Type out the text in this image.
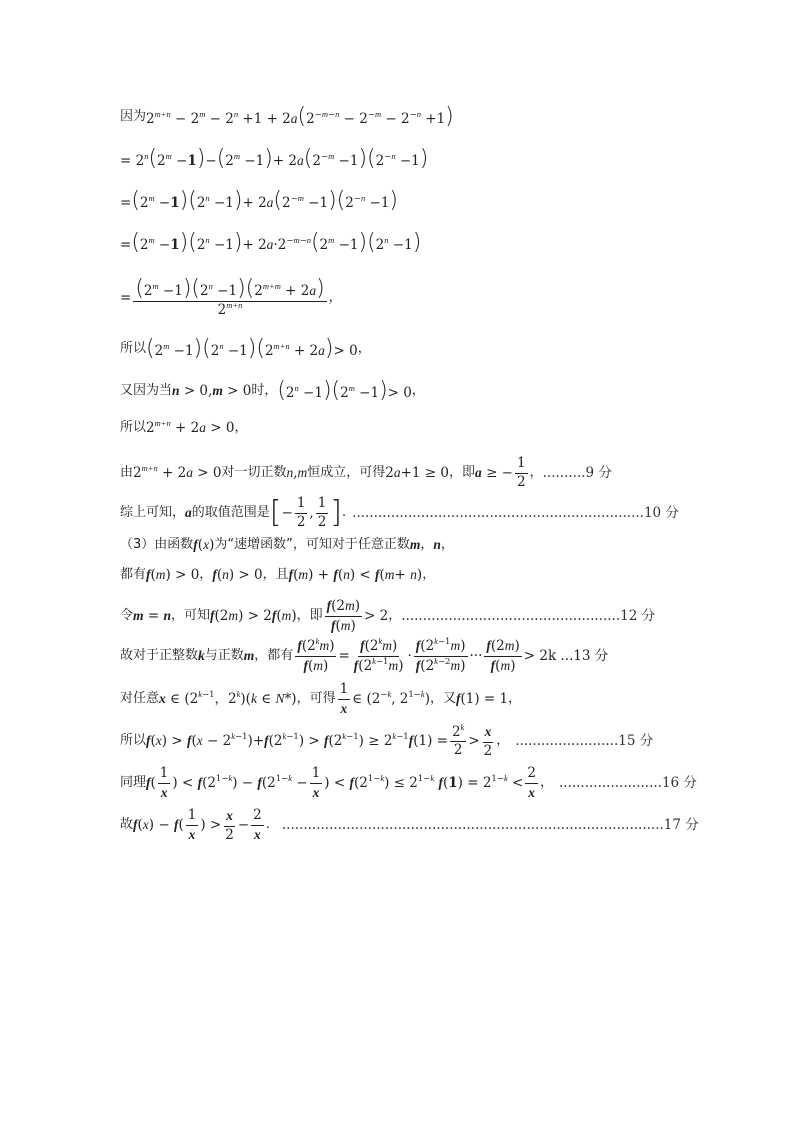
因为 $2^{m+n} - 2^m - 2^n +1 + 2a(2^{-m-n} - 2^{-m} - 2^{-n} +1)$
= $2^n(2^m -1)-(2^m -1)+ 2a(2^{-m} -1)(2^{-n} -1)$
$=(2^m -1)(2^n -1)+ 2a(2^{-m} -1)(2^{-n} -1)$
$=(2^m -1)(2^n -1)+ 2a\cdot 2^{-m-n}(2^m -1)(2^n -1)$
= $\frac{(2^m -1)(2^n -1)(2^{m+m} + 2a)}{2^{m+n}}$ ，
所以 $(2^m -1)(2^n -1)(2^{m+n} + 2a)> 0$ ，
又因为当 n > 0,m > 0 时， $(2^n -1)(2^m -1)> 0$ ，
所以 $2^{m+n} + 2a > 0$ ，
由 $2^{m+n} + 2a > 0$ 对一切正数 n , m 恒成立，可得 2a+1 ≥ 0 ，即 a ≥ − $\frac{1}{2}$ ， ..........9 分
综上可知， a 的取值范围是 [ − $\frac{1}{2}$ , $\frac{1}{2}$ ] . ....................................................................10 分
（3）由函数 f(x) 为“速增函数”，可知对于任意正数 m ， n ，
都有 f(m) > 0 ， f(n) > 0 ，且 f(m) + f(n) < f(m+ n) ，
令 m = n ，可知 f(2m) > 2f(m) ，即 $\frac{f(2m)}{f(m)} > 2$ ， ...................................................12 分
故对于正整数 k 与正数 m ，都有 $\frac{f(2^km)}{f(m)} = \frac{f(2^km)}{f(2^{k-1}m)} \cdot \frac{f(2^{k-1}m)}{f(2^{k-2}m)}$ ··· $\frac{f(2m)}{f(m)} > 2k$ ...13 分
对任意 x ∈ ($2^{k-1}$，2$^k$)(k ∈ N*) ，可得 $\frac{1}{x}$ ∈ ($2^{-k}$, $2^{1-k}$) ，又 f(1) = 1 ，
所以 $f(x) > f(x - 2^{k-1})+f(2^{k-1}) > f(2^{k-1}) \ge 2^{k-1}f(1) = \frac{2^k}{2} > \frac{x}{2}$ ， ........................15 分
同理 $f( \frac{1}{x}$ ) < $f(2^{1-k}) - f(2^{1-k} - \frac{1}{x}$ ) < $f(2^{1-k}) \le 2^{1-k}$ $f(1) = 2^{1-k} < \frac{2}{x}$ ， ........................16 分
故 $f(x) - f( \frac{1}{x}$ ) > $\frac{x}{2} - \frac{2}{x}$ . .........................................................................................17 分
